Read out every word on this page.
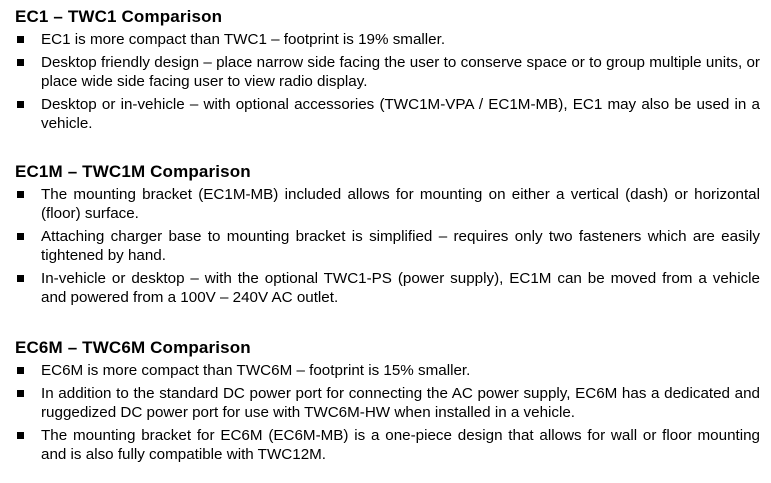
EC1 – TWC1 Comparison
EC1 is more compact than TWC1 – footprint is 19% smaller.
Desktop friendly design – place narrow side facing the user to conserve space or to group multiple units, or place wide side facing user to view radio display.
Desktop or in-vehicle – with optional accessories (TWC1M-VPA / EC1M-MB), EC1 may also be used in a vehicle.
EC1M – TWC1M Comparison
The mounting bracket (EC1M-MB) included allows for mounting on either a vertical (dash) or horizontal (floor) surface.
Attaching charger base to mounting bracket is simplified – requires only two fasteners which are easily tightened by hand.
In-vehicle or desktop – with the optional TWC1-PS (power supply), EC1M can be moved from a vehicle and powered from a 100V – 240V AC outlet.
EC6M – TWC6M Comparison
EC6M is more compact than TWC6M – footprint is 15% smaller.
In addition to the standard DC power port for connecting the AC power supply, EC6M has a dedicated and ruggedized DC power port for use with TWC6M-HW when installed in a vehicle.
The mounting bracket for EC6M (EC6M-MB) is a one-piece design that allows for wall or floor mounting and is also fully compatible with TWC12M.
